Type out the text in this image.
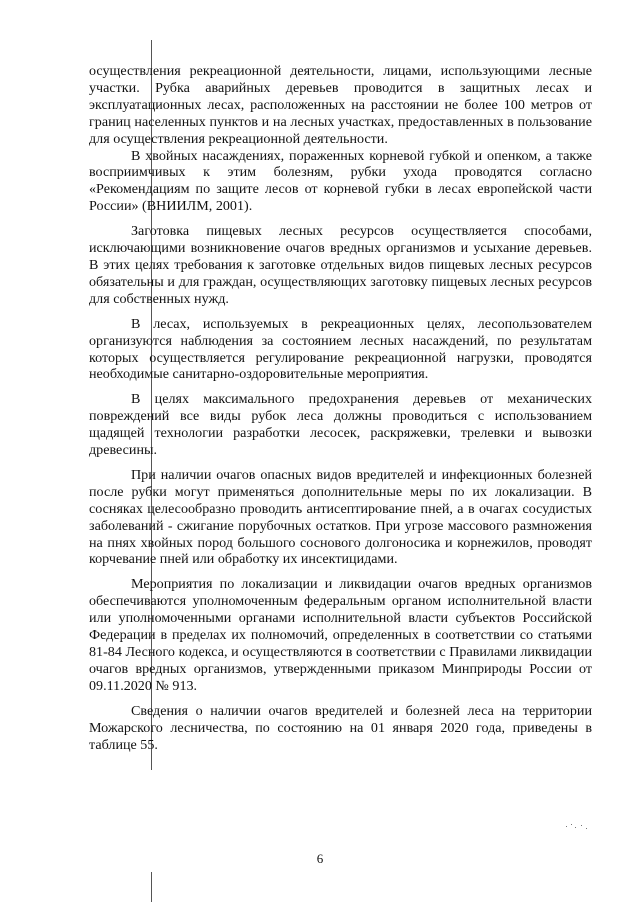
осуществления рекреационной деятельности, лицами, использующими лесные участки. Рубка аварийных деревьев проводится в защитных лесах и эксплуатационных лесах, расположенных на расстоянии не более 100 метров от границ населенных пунктов и на лесных участках, предоставленных в пользование для осуществления рекреационной деятельности.

В хвойных насаждениях, пораженных корневой губкой и опенком, а также восприимчивых к этим болезням, рубки ухода проводятся согласно «Рекомендациям по защите лесов от корневой губки в лесах европейской части России» (ВНИИЛМ, 2001).

Заготовка пищевых лесных ресурсов осуществляется способами, исключающими возникновение очагов вредных организмов и усыхание деревьев. В этих целях требования к заготовке отдельных видов пищевых лесных ресурсов обязательны и для граждан, осуществляющих заготовку пищевых лесных ресурсов для собственных нужд.

В лесах, используемых в рекреационных целях, лесопользователем организуются наблюдения за состоянием лесных насаждений, по результатам которых осуществляется регулирование рекреационной нагрузки, проводятся необходимые санитарно-оздоровительные мероприятия.

В целях максимального предохранения деревьев от механических повреждений все виды рубок леса должны проводиться с использованием щадящей технологии разработки лесосек, раскряжевки, трелевки и вывозки древесины.

При наличии очагов опасных видов вредителей и инфекционных болезней после рубки могут применяться дополнительные меры по их локализации. В сосняках целесообразно проводить антисептирование пней, а в очагах сосудистых заболеваний - сжигание порубочных остатков. При угрозе массового размножения на пнях хвойных пород большого соснового долгоносика и корнежилов, проводят корчевание пней или обработку их инсектицидами.

Мероприятия по локализации и ликвидации очагов вредных организмов обеспечиваются уполномоченным федеральным органом исполнительной власти или уполномоченными органами исполнительной власти субъектов Российской Федерации в пределах их полномочий, определенных в соответствии со статьями 81-84 Лесного кодекса, и осуществляются в соответствии с Правилами ликвидации очагов вредных организмов, утвержденными приказом Минприроды России от 09.11.2020 № 913.

Сведения о наличии очагов вредителей и болезней леса на территории Можарского лесничества, по состоянию на 01 января 2020 года, приведены в таблице 55.

6
